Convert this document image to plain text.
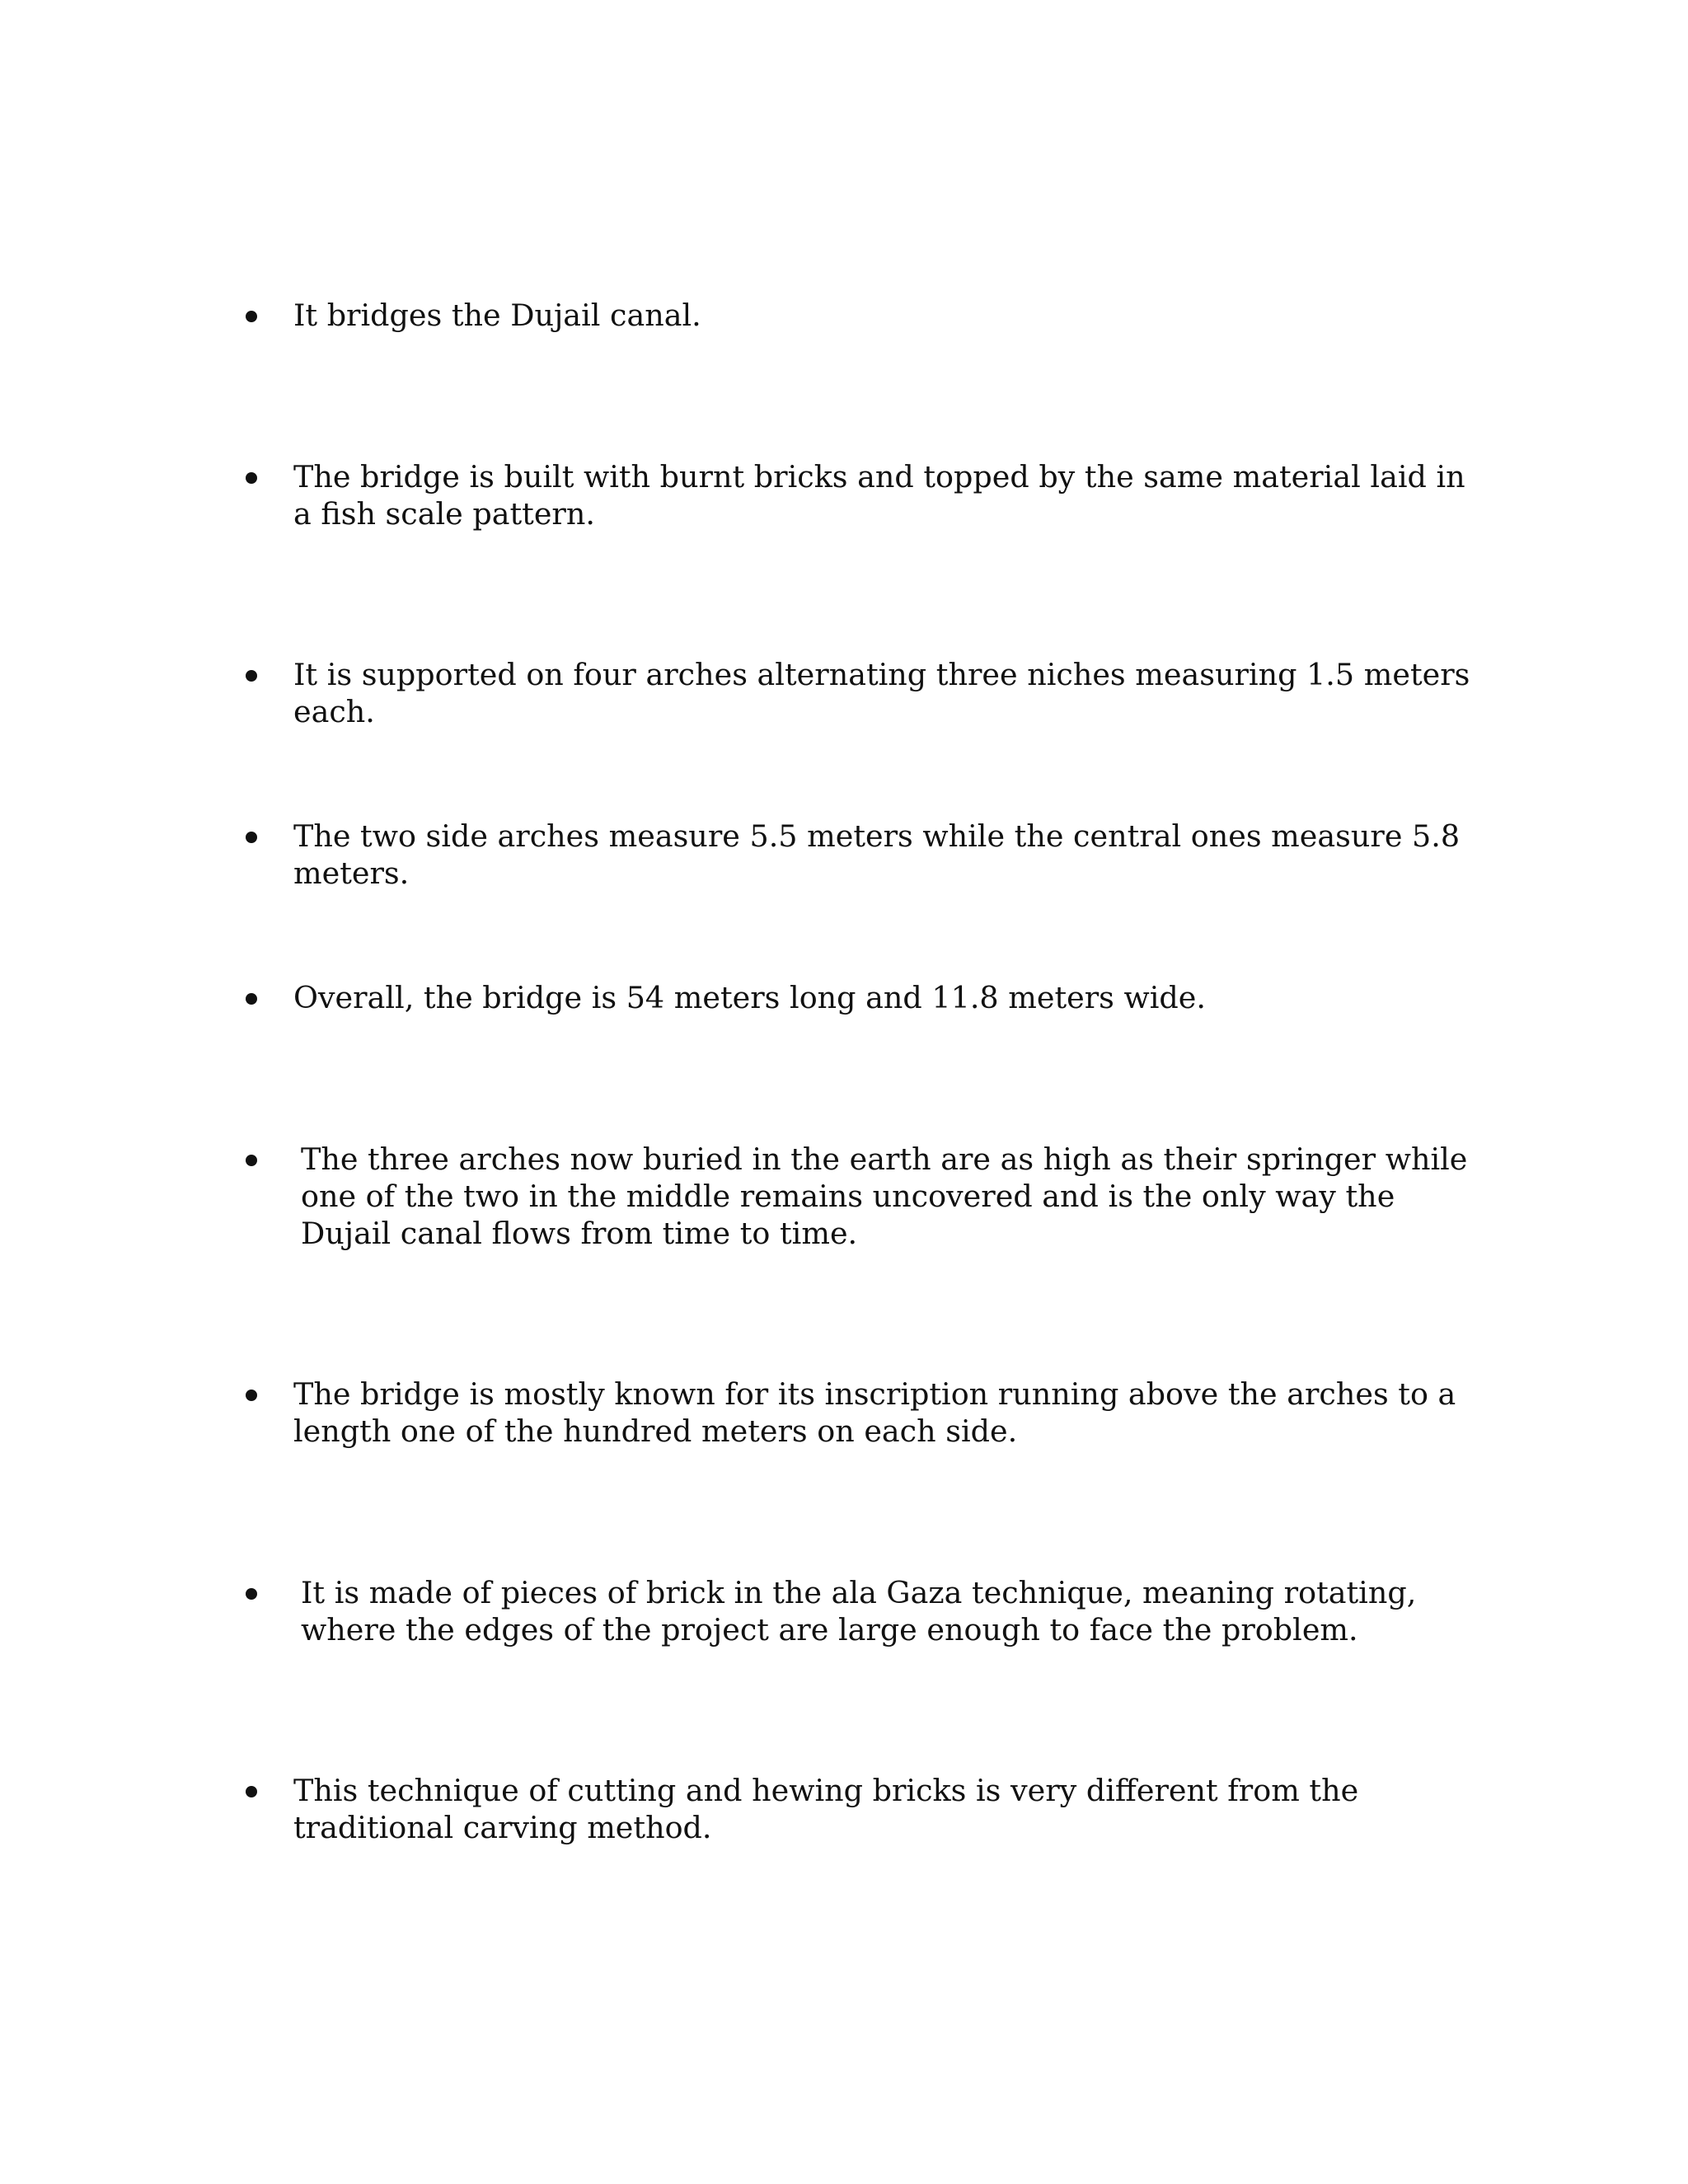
It bridges the Dujail canal.
The bridge is built with burnt bricks and topped by the same material laid in a fish scale pattern.
It is supported on four arches alternating three niches measuring 1.5 meters each.
The two side arches measure 5.5 meters while the central ones measure 5.8 meters.
Overall, the bridge is 54 meters long and 11.8 meters wide.
The three arches now buried in the earth are as high as their springer while one of the two in the middle remains uncovered and is the only way the Dujail canal flows from time to time.
The bridge is mostly known for its inscription running above the arches to a length one of the hundred meters on each side.
It is made of pieces of brick in the ala Gaza technique, meaning rotating, where the edges of the project are large enough to face the problem.
This technique of cutting and hewing bricks is very different from the traditional carving method.
